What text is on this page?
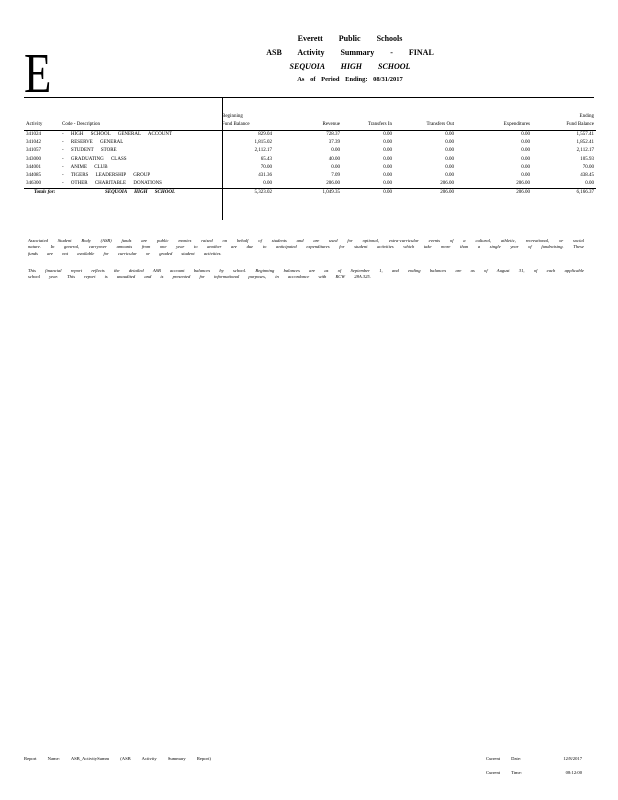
E
Everett Public Schools
ASB Activity Summary - FINAL
SEQUOIA HIGH SCHOOL
As of Period Ending: 08/31/2017
		Beginning					Ending
Activity	Code - Description	Fund Balance	Revenue	Transfers In	Transfers Out	Expenditures	Fund Balance
341024	- HIGH SCHOOL GENERAL ACCOUNT	829.04	728.37	0.00	0.00	0.00	1,557.41
341042	- RESERVE GENERAL	1,815.02	37.39	0.00	0.00	0.00	1,852.41
341057	- STUDENT STORE	2,112.17	0.00	0.00	0.00	0.00	2,112.17
343000	- GRADUATING CLASS	65.43	40.00	0.00	0.00	0.00	105.93
344001	- ANIME CLUB	70.00	0.00	0.00	0.00	0.00	70.00
344085	- TIGERS LEADERSHIP GROUP	431.36	7.09	0.00	0.00	0.00	438.45
346300	- OTHER CHARITABLE DONATIONS	0.00	206.00	0.00	206.00	206.00	0.00
Totals for:	SEQUOIA HIGH SCHOOL	5,323.02	1,049.35	0.00	206.00	206.00	6,166.37
Associated Student Body (ASB) funds are public monies raised on behalf of students and are used for optional, extra-curricular events of a cultural, athletic, recreational, or social nature. In general, carryover amounts from one year to another are due to anticipated expenditures for student activities which take more than a single year of fundraising. These funds are not available for curricular or graded student activities.
This financial report reflects the detailed ASB account balances by school. Beginning balances are as of September 1, and ending balances are as of August 31, of each applicable school year. This report is unaudited and is presented for informational purposes, in accordance with RCW 28A.325.
Report Name: ASB_ActivitySumm (ASB Activity Summary Report)	Current Date:	12/8/2017
Current Time:	08:12:00
